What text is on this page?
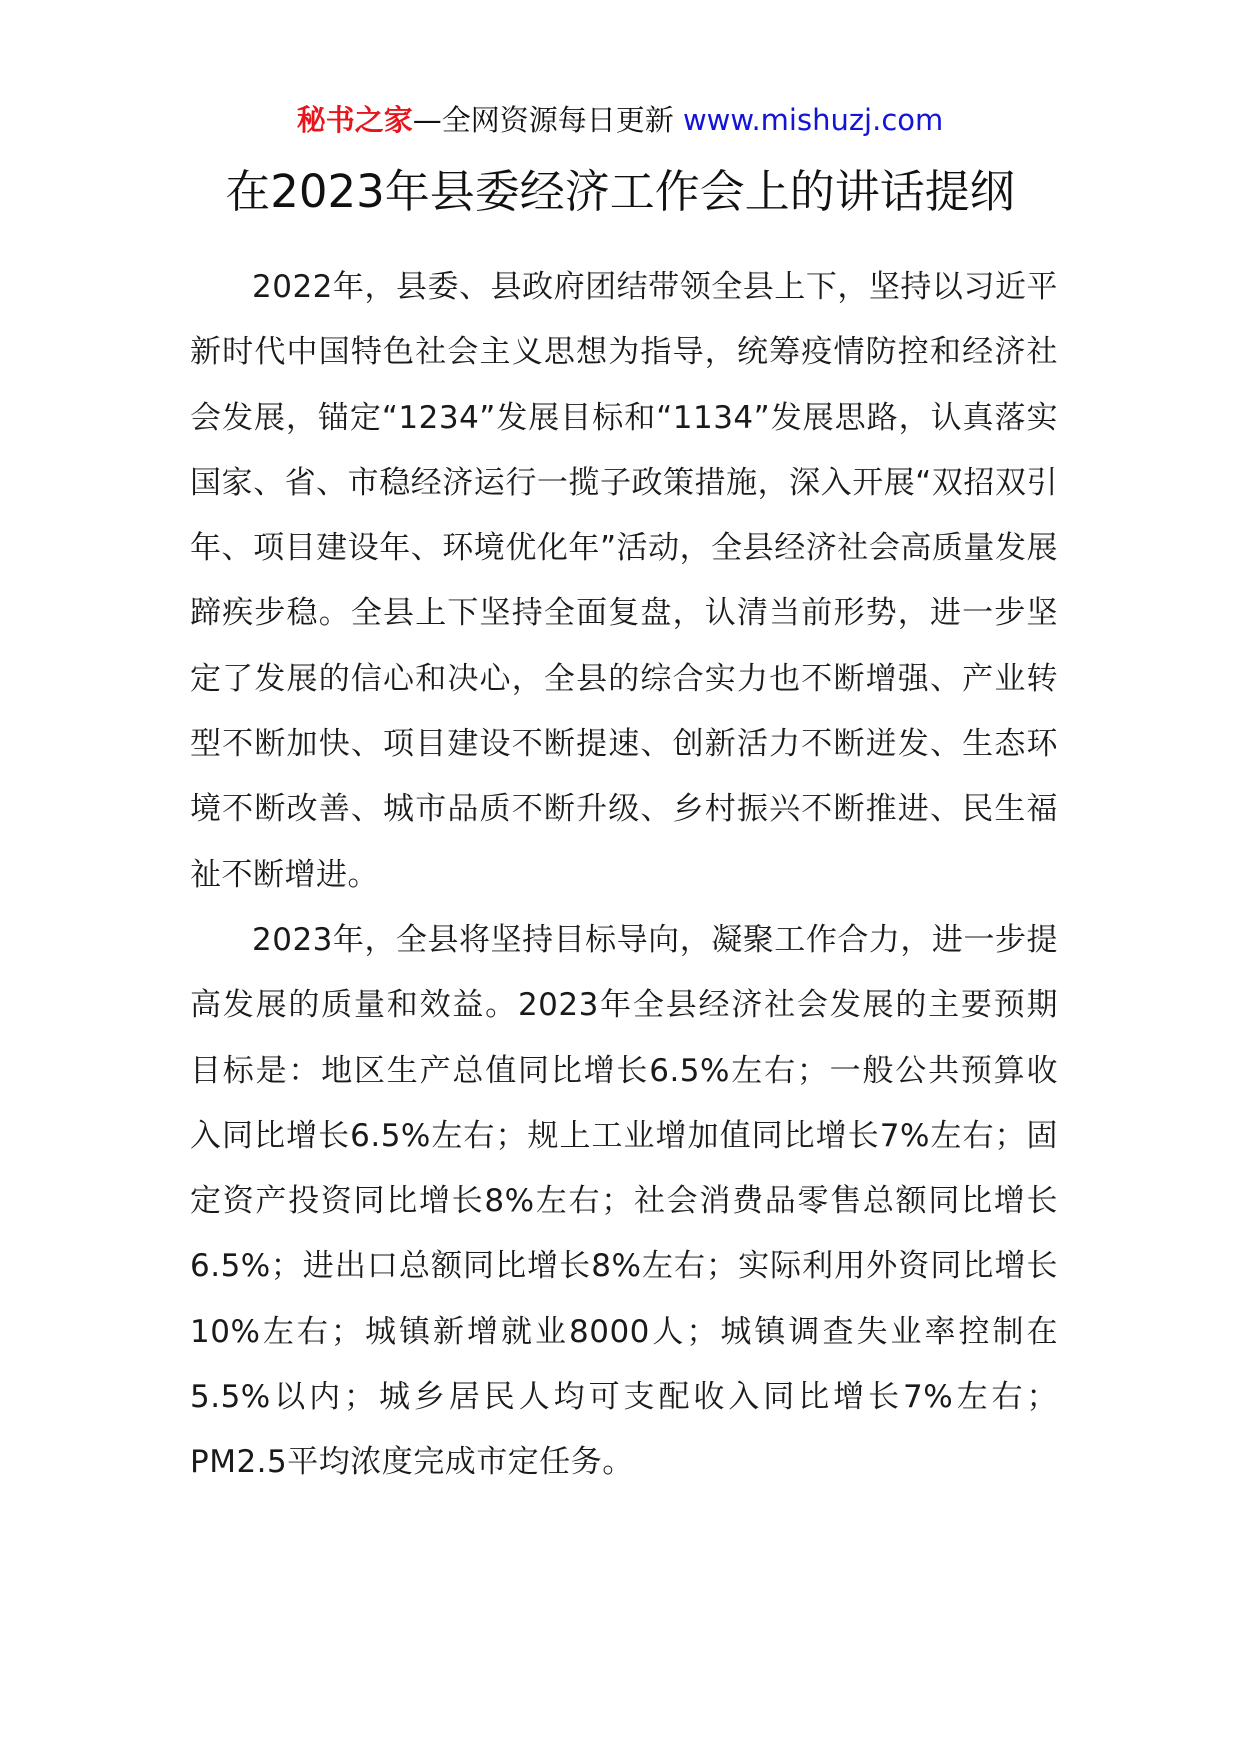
秘书之家—全网资源每日更新 www.mishuzj.com
在2023年县委经济工作会上的讲话提纲

2022年，县委、县政府团结带领全县上下，坚持以习近平新时代中国特色社会主义思想为指导，统筹疫情防控和经济社会发展，锚定“1234”发展目标和“1134”发展思路，认真落实国家、省、市稳经济运行一揽子政策措施，深入开展“双招双引年、项目建设年、环境优化年”活动，全县经济社会高质量发展蹄疾步稳。全县上下坚持全面复盘，认清当前形势，进一步坚定了发展的信心和决心，全县的综合实力也不断增强、产业转型不断加快、项目建设不断提速、创新活力不断迸发、生态环境不断改善、城市品质不断升级、乡村振兴不断推进、民生福祉不断增进。

2023年，全县将坚持目标导向，凝聚工作合力，进一步提高发展的质量和效益。2023年全县经济社会发展的主要预期目标是：地区生产总值同比增长6.5%左右；一般公共预算收入同比增长6.5%左右；规上工业增加值同比增长7%左右；固定资产投资同比增长8%左右；社会消费品零售总额同比增长6.5%；进出口总额同比增长8%左右；实际利用外资同比增长10%左右；城镇新增就业8000人；城镇调查失业率控制在5.5%以内；城乡居民人均可支配收入同比增长7%左右；PM2.5平均浓度完成市定任务。
